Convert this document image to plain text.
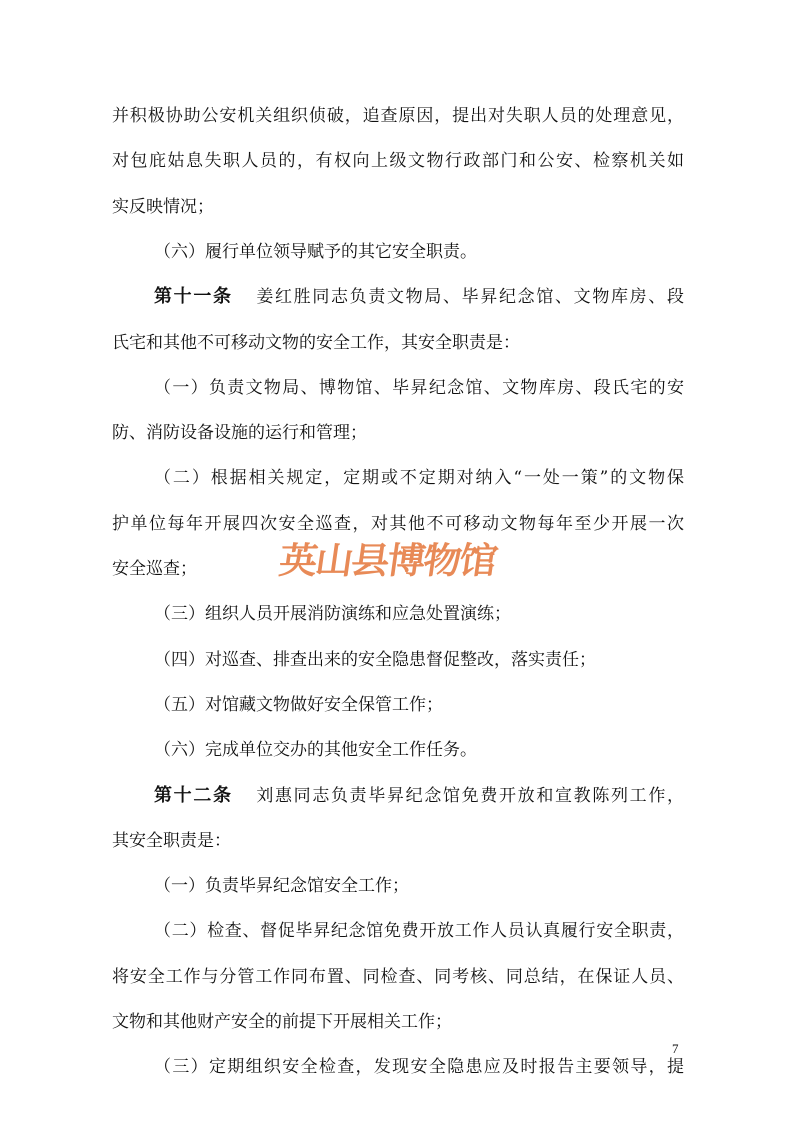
并积极协助公安机关组织侦破，追查原因，提出对失职人员的处理意见，
对包庇姑息失职人员的，有权向上级文物行政部门和公安、检察机关如
实反映情况；
（六）履行单位领导赋予的其它安全职责。
第十一条 姜红胜同志负责文物局、毕昇纪念馆、文物库房、段
氏宅和其他不可移动文物的安全工作，其安全职责是：
（一）负责文物局、博物馆、毕昇纪念馆、文物库房、段氏宅的安
防、消防设备设施的运行和管理；
（二）根据相关规定，定期或不定期对纳入“一处一策”的文物保
护单位每年开展四次安全巡查，对其他不可移动文物每年至少开展一次
安全巡查；
（三）组织人员开展消防演练和应急处置演练；
（四）对巡查、排查出来的安全隐患督促整改，落实责任；
（五）对馆藏文物做好安全保管工作；
（六）完成单位交办的其他安全工作任务。
第十二条 刘惠同志负责毕昇纪念馆免费开放和宣教陈列工作，
其安全职责是：
（一）负责毕昇纪念馆安全工作；
（二）检查、督促毕昇纪念馆免费开放工作人员认真履行安全职责，
将安全工作与分管工作同布置、同检查、同考核、同总结，在保证人员、
文物和其他财产安全的前提下开展相关工作；
（三）定期组织安全检查，发现安全隐患应及时报告主要领导，提
英山县博物馆
7
